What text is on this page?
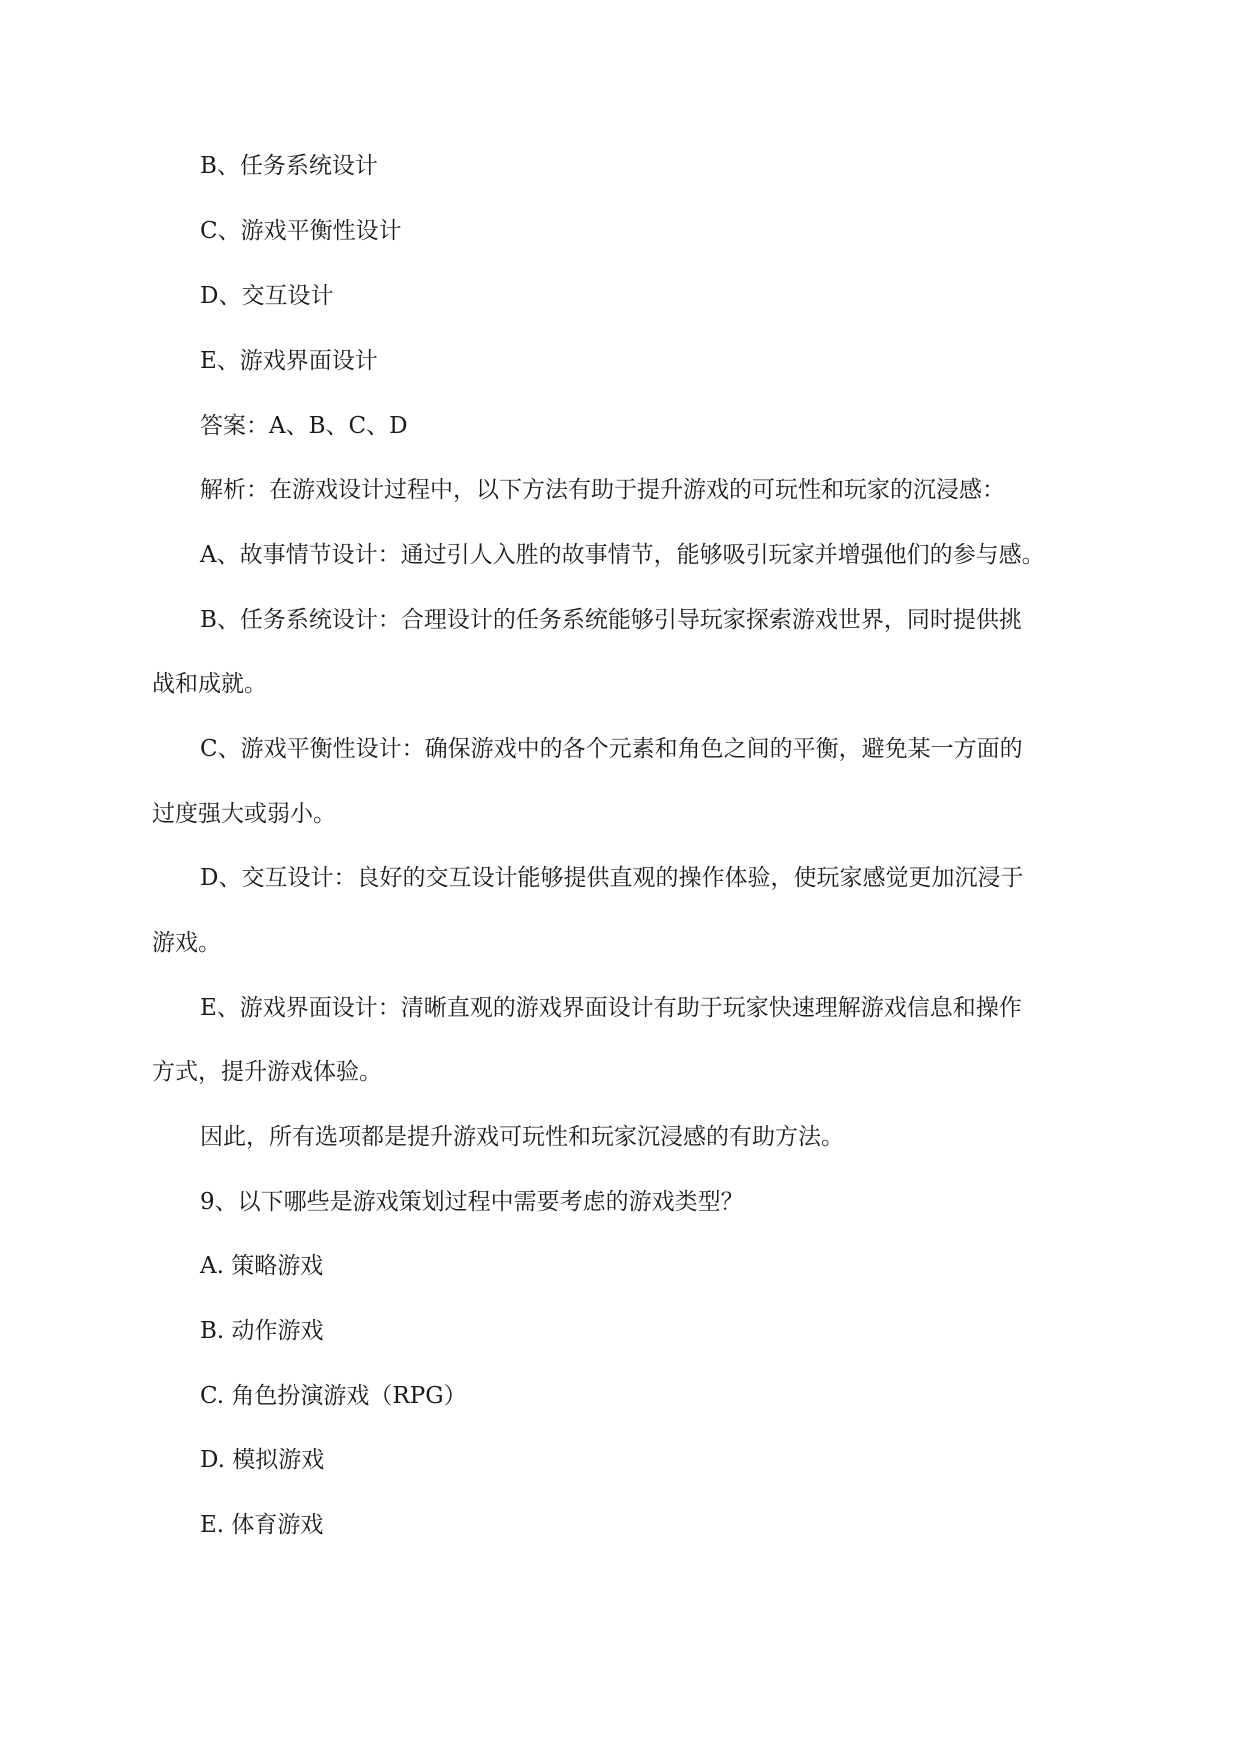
B、任务系统设计

C、游戏平衡性设计

D、交互设计

E、游戏界面设计

答案：A、B、C、D

解析：在游戏设计过程中，以下方法有助于提升游戏的可玩性和玩家的沉浸感：

A、故事情节设计：通过引人入胜的故事情节，能够吸引玩家并增强他们的参与感。

B、任务系统设计：合理设计的任务系统能够引导玩家探索游戏世界，同时提供挑

战和成就。

C、游戏平衡性设计：确保游戏中的各个元素和角色之间的平衡，避免某一方面的

过度强大或弱小。

D、交互设计：良好的交互设计能够提供直观的操作体验，使玩家感觉更加沉浸于

游戏。

E、游戏界面设计：清晰直观的游戏界面设计有助于玩家快速理解游戏信息和操作

方式，提升游戏体验。

因此，所有选项都是提升游戏可玩性和玩家沉浸感的有助方法。

9、以下哪些是游戏策划过程中需要考虑的游戏类型？

A. 策略游戏

B. 动作游戏

C. 角色扮演游戏（RPG）

D. 模拟游戏

E. 体育游戏
